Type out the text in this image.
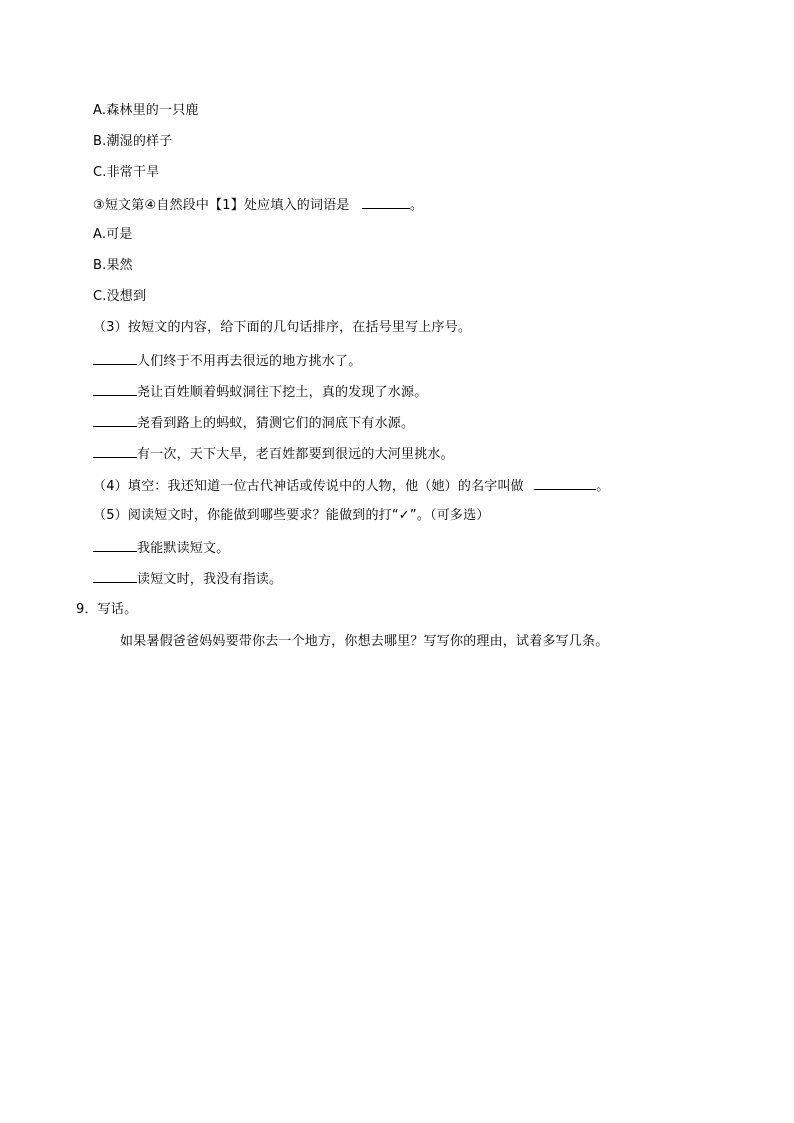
A.森林里的一只鹿
B.潮湿的样子
C.非常干旱
③短文第④自然段中【1】处应填入的词语是	。
A.可是
B.果然
C.没想到
（3）按短文的内容，给下面的几句话排序，在括号里写上序号。
人们终于不用再去很远的地方挑水了。
尧让百姓顺着蚂蚁洞往下挖土，真的发现了水源。
尧看到路上的蚂蚁，猜测它们的洞底下有水源。
有一次，天下大旱，老百姓都要到很远的大河里挑水。
（4）填空：我还知道一位古代神话或传说中的人物，他（她）的名字叫做	。
（5）阅读短文时，你能做到哪些要求？能做到的打“✓”。（可多选）
我能默读短文。
读短文时，我没有指读。
9．写话。
如果暑假爸爸妈妈要带你去一个地方，你想去哪里？写写你的理由，试着多写几条。
